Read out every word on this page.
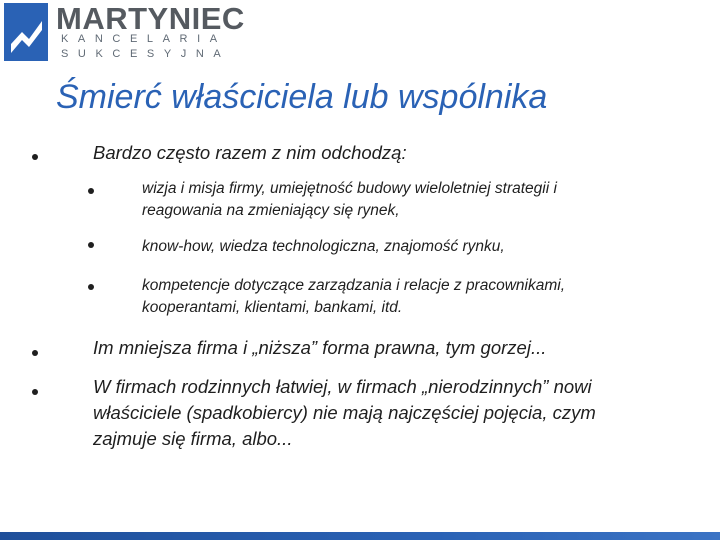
MARTYNIEC
KANCELARIA
SUKCESYJNA
Śmierć właściciela lub wspólnika
Bardzo często razem z nim odchodzą:
wizja i misja firmy, umiejętność budowy wieloletniej strategii i
reagowania na zmieniający się rynek,
know-how, wiedza technologiczna, znajomość rynku,
kompetencje dotyczące zarządzania i relacje z pracownikami,
kooperantami, klientami, bankami, itd.
Im mniejsza firma i „niższa” forma prawna, tym gorzej...
W firmach rodzinnych łatwiej, w firmach „nierodzinnych” nowi
właściciele (spadkobiercy) nie mają najczęściej pojęcia, czym
zajmuje się firma, albo...
